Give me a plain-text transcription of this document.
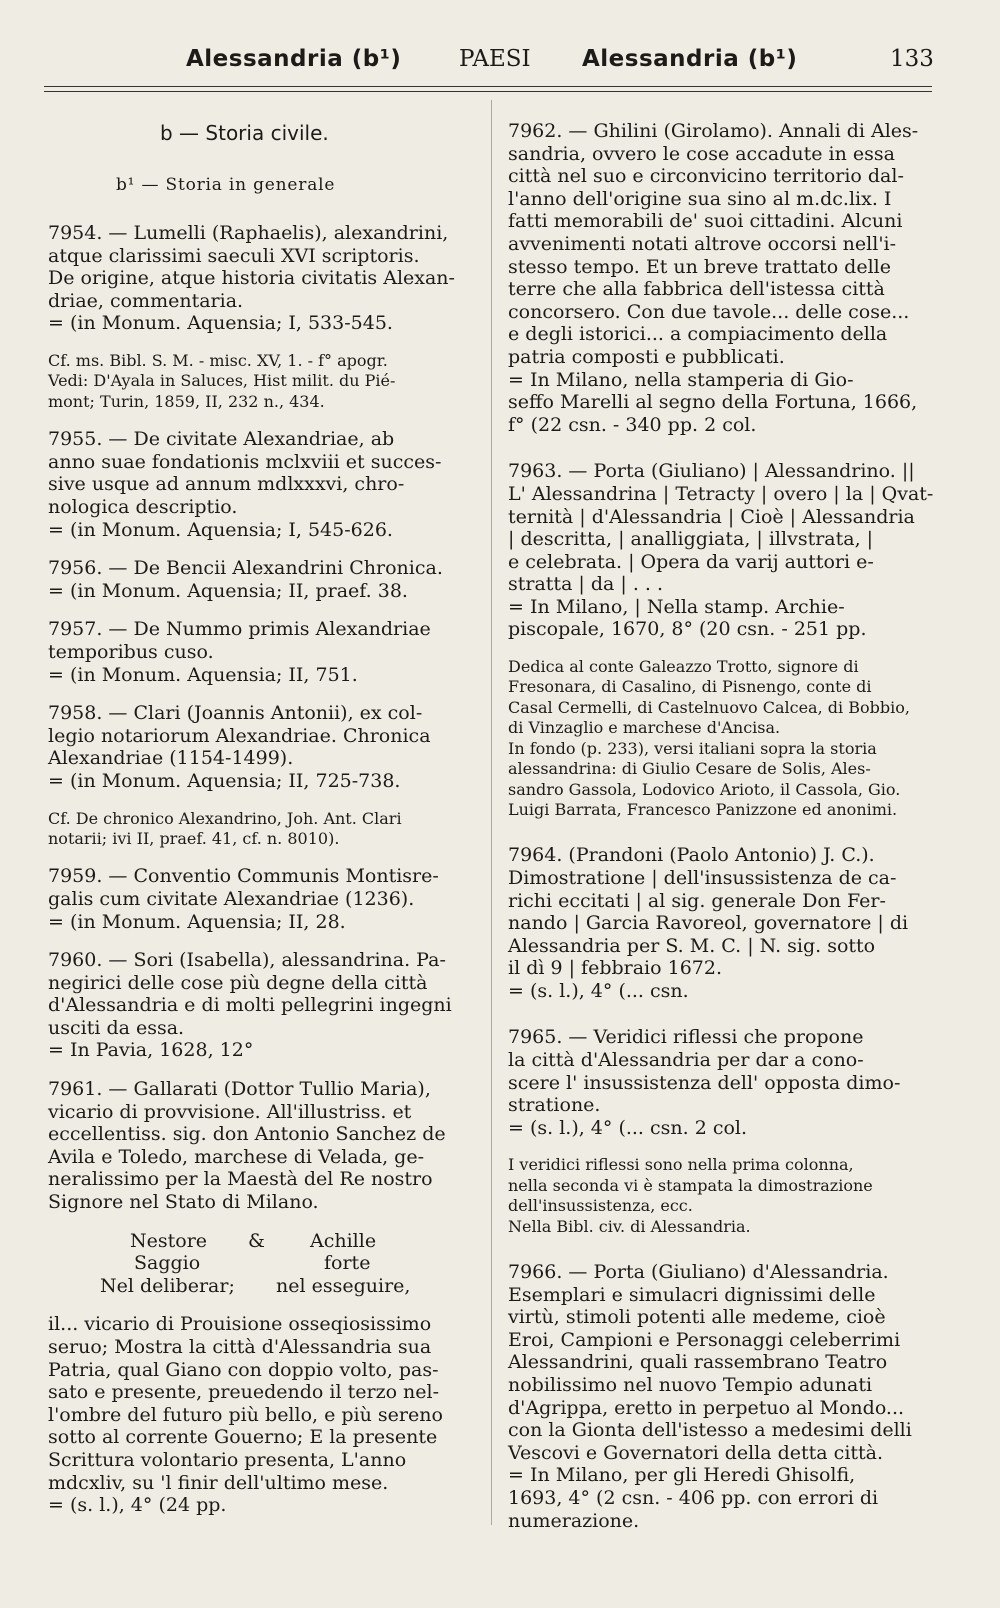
Alessandria (b¹)	PAESI Alessandria (b¹)	133
b — Storia civile.
b¹ — Storia in generale
7954. — Lumelli (Raphaelis), alexandrini,
atque clarissimi saeculi XVI scriptoris.
De origine, atque historia civitatis Alexan-
driae, commentaria.
= (in Monum. Aquensia; I, 533-545.
Cf. ms. Bibl. S. M. - misc. XV, 1. - f° apogr.
Vedi: D'Ayala in Saluces, Hist milit. du Pié-
mont; Turin, 1859, II, 232 n., 434.
7955. — De civitate Alexandriae, ab
anno suae fondationis mclxviii et succes-
sive usque ad annum mdlxxxvi, chro-
nologica descriptio.
= (in Monum. Aquensia; I, 545-626.
7956. — De Bencii Alexandrini Chronica.
= (in Monum. Aquensia; II, praef. 38.
7957. — De Nummo primis Alexandriae
temporibus cuso.
= (in Monum. Aquensia; II, 751.
7958. — Clari (Joannis Antonii), ex col-
legio notariorum Alexandriae. Chronica
Alexandriae (1154-1499).
= (in Monum. Aquensia; II, 725-738.
Cf. De chronico Alexandrino, Joh. Ant. Clari
notarii; ivi II, praef. 41, cf. n. 8010).
7959. — Conventio Communis Montisre-
galis cum civitate Alexandriae (1236).
= (in Monum. Aquensia; II, 28.
7960. — Sori (Isabella), alessandrina. Pa-
negirici delle cose più degne della città
d'Alessandria e di molti pellegrini ingegni
usciti da essa.
= In Pavia, 1628, 12°
7961. — Gallarati (Dottor Tullio Maria),
vicario di provvisione. All'illustriss. et
eccellentiss. sig. don Antonio Sanchez de
Avila e Toledo, marchese di Velada, ge-
neralissimo per la Maestà del Re nostro
Signore nel Stato di Milano.
Nestore & Achille
Saggio	forte
Nel deliberar; nel esseguire,
il... vicario di Prouisione osseqiosissimo
seruo; Mostra la città d'Alessandria sua
Patria, qual Giano con doppio volto, pas-
sato e presente, preuedendo il terzo nel-
l'ombre del futuro più bello, e più sereno
sotto al corrente Gouerno; E la presente
Scrittura volontario presenta, L'anno
mdcxliv, su 'l finir dell'ultimo mese.
= (s. l.), 4° (24 pp.
7962. — Ghilini (Girolamo). Annali di Ales-
sandria, ovvero le cose accadute in essa
città nel suo e circonvicino territorio dal-
l'anno dell'origine sua sino al m.dc.lix. I
fatti memorabili de' suoi cittadini. Alcuni
avvenimenti notati altrove occorsi nell'i-
stesso tempo. Et un breve trattato delle
terre che alla fabbrica dell'istessa città
concorsero. Con due tavole... delle cose...
e degli istorici... a compiacimento della
patria composti e pubblicati.
= In Milano, nella stamperia di Gio-
seffo Marelli al segno della Fortuna, 1666,
f° (22 csn. - 340 pp. 2 col.
7963. — Porta (Giuliano) | Alessandrino. ||
L' Alessandrina | Tetracty | overo | la | Qvat-
ternità | d'Alessandria | Cioè | Alessandria
| descritta, | analliggiata, | illvstrata, |
e celebrata. | Opera da varij auttori e-
stratta | da | . . .
= In Milano, | Nella stamp. Archie-
piscopale, 1670, 8° (20 csn. - 251 pp.
Dedica al conte Galeazzo Trotto, signore di
Fresonara, di Casalino, di Pisnengo, conte di
Casal Cermelli, di Castelnuovo Calcea, di Bobbio,
di Vinzaglio e marchese d'Ancisa.
In fondo (p. 233), versi italiani sopra la storia
alessandrina: di Giulio Cesare de Solis, Ales-
sandro Gassola, Lodovico Arioto, il Cassola, Gio.
Luigi Barrata, Francesco Panizzone ed anonimi.
7964. (Prandoni (Paolo Antonio) J. C.).
Dimostratione | dell'insussistenza de ca-
richi eccitati | al sig. generale Don Fer-
nando | Garcia Ravoreol, governatore | di
Alessandria per S. M. C. | N. sig. sotto
il dì 9 | febbraio 1672.
= (s. l.), 4° (... csn.
7965. — Veridici riflessi che propone
la città d'Alessandria per dar a cono-
scere l' insussistenza dell' opposta dimo-
stratione.
= (s. l.), 4° (... csn. 2 col.
I veridici riflessi sono nella prima colonna,
nella seconda vi è stampata la dimostrazione
dell'insussistenza, ecc.
Nella Bibl. civ. di Alessandria.
7966. — Porta (Giuliano) d'Alessandria.
Esemplari e simulacri dignissimi delle
virtù, stimoli potenti alle medeme, cioè
Eroi, Campioni e Personaggi celeberrimi
Alessandrini, quali rassembrano Teatro
nobilissimo nel nuovo Tempio adunati
d'Agrippa, eretto in perpetuo al Mondo...
con la Gionta dell'istesso a medesimi delli
Vescovi e Governatori della detta città.
= In Milano, per gli Heredi Ghisolfi,
1693, 4° (2 csn. - 406 pp. con errori di
numerazione.
